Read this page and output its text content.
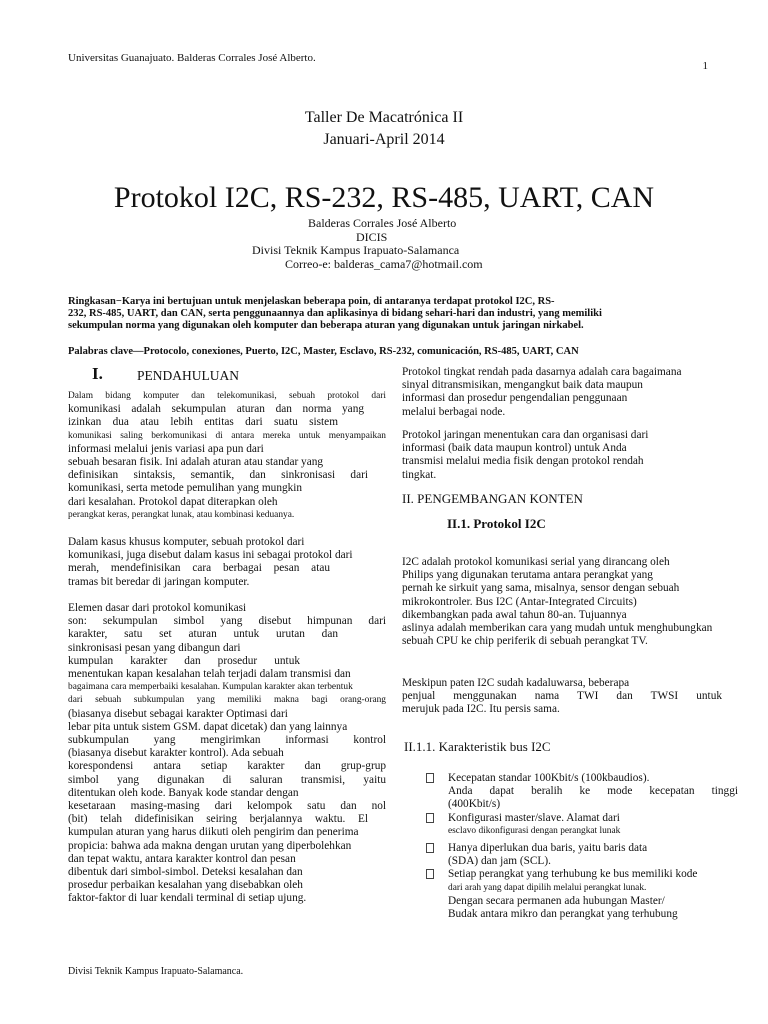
Universitas Guanajuato. Balderas Corrales José Alberto.
1
Divisi Teknik Kampus Irapuato-Salamanca.
Taller De Macatrónica II
Januari-April 2014
Protokol I2C, RS-232, RS-485, UART, CAN
Balderas Corrales José Alberto
DICIS
Divisi Teknik Kampus Irapuato-Salamanca
Correo-e: balderas_cama7@hotmail.com
Ringkasan−Karya ini bertujuan untuk menjelaskan beberapa poin, di antaranya terdapat protokol I2C, RS-
232, RS-485, UART, dan CAN, serta penggunaannya dan aplikasinya di bidang sehari-hari dan industri, yang memiliki
sekumpulan norma yang digunakan oleh komputer dan beberapa aturan yang digunakan untuk jaringan nirkabel.
Palabras clave—Protocolo, conexiones, Puerto, I2C, Master, Esclavo, RS-232, comunicación, RS-485, UART, CAN
I.	PENDAHULUAN

Dalam bidang komputer dan telekomunikasi, sebuah protokol dari

komunikasi adalah sekumpulan aturan dan norma yang

izinkan dua atau lebih entitas dari suatu sistem

komunikasi saling berkomunikasi di antara mereka untuk menyampaikan

informasi melalui jenis variasi apa pun dari

sebuah besaran fisik. Ini adalah aturan atau standar yang

definisikan sintaksis, semantik, dan sinkronisasi dari

komunikasi, serta metode pemulihan yang mungkin

dari kesalahan. Protokol dapat diterapkan oleh

perangkat keras, perangkat lunak, atau kombinasi keduanya.

Dalam kasus khusus komputer, sebuah protokol dari

komunikasi, juga disebut dalam kasus ini sebagai protokol dari

merah, mendefinisikan cara berbagai pesan atau

tramas bit beredar di jaringan komputer.

Elemen dasar dari protokol komunikasi

son: sekumpulan simbol yang disebut himpunan dari

karakter, satu set aturan untuk urutan dan

sinkronisasi pesan yang dibangun dari

kumpulan karakter dan prosedur untuk

menentukan kapan kesalahan telah terjadi dalam transmisi dan

bagaimana cara memperbaiki kesalahan. Kumpulan karakter akan terbentuk

dari sebuah subkumpulan yang memiliki makna bagi orang-orang

(biasanya disebut sebagai karakter Optimasi dari

lebar pita untuk sistem GSM. dapat dicetak) dan yang lainnya

subkumpulan yang mengirimkan informasi kontrol

(biasanya disebut karakter kontrol). Ada sebuah

korespondensi antara setiap karakter dan grup-grup

simbol yang digunakan di saluran transmisi, yaitu

ditentukan oleh kode. Banyak kode standar dengan

kesetaraan masing-masing dari kelompok satu dan nol

(bit) telah didefinisikan seiring berjalannya waktu. El

kumpulan aturan yang harus diikuti oleh pengirim dan penerima

propicia: bahwa ada makna dengan urutan yang diperbolehkan

dan tepat waktu, antara karakter kontrol dan pesan

dibentuk dari simbol-simbol. Deteksi kesalahan dan

prosedur perbaikan kesalahan yang disebabkan oleh

faktor-faktor di luar kendali terminal di setiap ujung.

Protokol tingkat rendah pada dasarnya adalah cara bagaimana

sinyal ditransmisikan, mengangkut baik data maupun

informasi dan prosedur pengendalian penggunaan

melalui berbagai node.

Protokol jaringan menentukan cara dan organisasi dari

informasi (baik data maupun kontrol) untuk Anda

transmisi melalui media fisik dengan protokol rendah

tingkat.

II. PENGEMBANGAN KONTEN
II.1. Protokol I2C

I2C adalah protokol komunikasi serial yang dirancang oleh

Philips yang digunakan terutama antara perangkat yang

pernah ke sirkuit yang sama, misalnya, sensor dengan sebuah

mikrokontroler. Bus I2C (Antar-Integrated Circuits)

dikembangkan pada awal tahun 80-an. Tujuannya

aslinya adalah memberikan cara yang mudah untuk menghubungkan

sebuah CPU ke chip periferik di sebuah perangkat TV.

Meskipun paten I2C sudah kadaluwarsa, beberapa

penjual menggunakan nama TWI dan TWSI untuk

merujuk pada I2C. Itu persis sama.

II.1.1. Karakteristik bus I2C
Kecepatan standar 100Kbit/s (100kbaudios).
Anda dapat beralih ke mode kecepatan tinggi
(400Kbit/s)
Konfigurasi master/slave. Alamat dari
esclavo dikonfigurasi dengan perangkat lunak
Hanya diperlukan dua baris, yaitu baris data
(SDA) dan jam (SCL).
Setiap perangkat yang terhubung ke bus memiliki kode
dari arah yang dapat dipilih melalui perangkat lunak.
Dengan secara permanen ada hubungan Master/
Budak antara mikro dan perangkat yang terhubung
